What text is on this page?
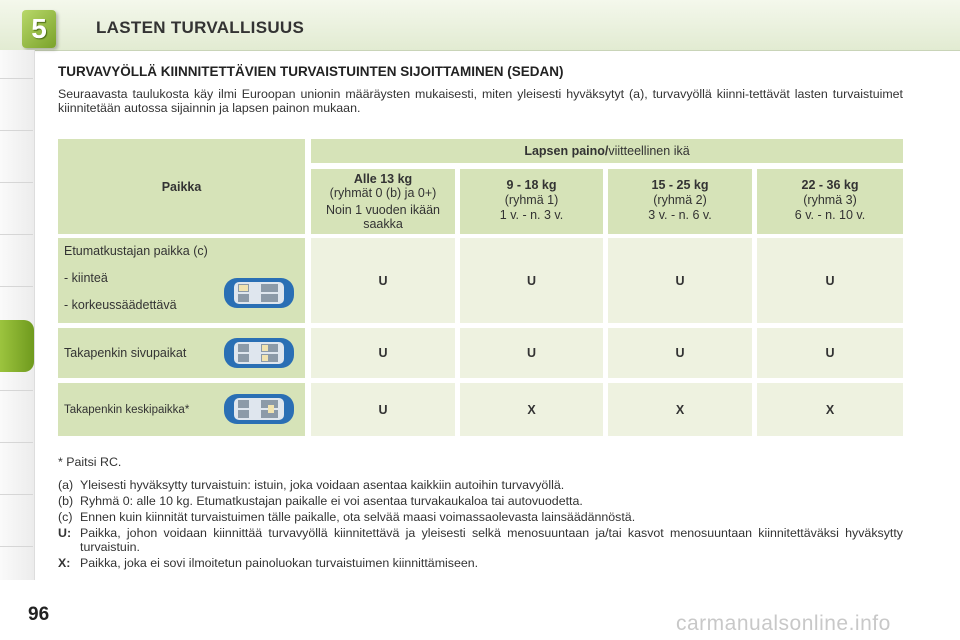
5	LASTEN TURVALLISUUS
TURVAVYÖLLÄ KIINNITETTÄVIEN TURVAISTUINTEN SIJOITTAMINEN (SEDAN)
Seuraavasta taulukosta käy ilmi Euroopan unionin määräysten mukaisesti, miten yleisesti hyväksytyt (a), turvavyöllä kiinni-tettävät lasten turvaistuimet kiinnitetään autossa sijainnin ja lapsen painon mukaan.
Paikka
Lapsen paino/ viitteellinen ikä
Alle 13 kg
(ryhmät 0 (b) ja 0+)
Noin 1 vuoden ikään saakka
9 - 18 kg
(ryhmä 1)
1 v. - n. 3 v.
15 - 25 kg
(ryhmä 2)
3 v. - n. 6 v.
22 - 36 kg
(ryhmä 3)
6 v. - n. 10 v.
Etumatkustajan paikka (c)
- kiinteä
- korkeussäädettävä
U	U	U	U
Takapenkin sivupaikat	U	U	U	U
Takapenkin keskipaikka*	U	X	X	X
* Paitsi RC.
(a) Yleisesti hyväksytty turvaistuin: istuin, joka voidaan asentaa kaikkiin autoihin turvavyöllä.
(b) Ryhmä 0: alle 10 kg. Etumatkustajan paikalle ei voi asentaa turvakaukaloa tai autovuodetta.
(c) Ennen kuin kiinnität turvaistuimen tälle paikalle, ota selvää maasi voimassaolevasta lainsäädännöstä.
U: Paikka, johon voidaan kiinnittää turvavyöllä kiinnitettävä ja yleisesti selkä menosuuntaan ja/tai kasvot menosuuntaan kiinnitettäväksi hyväksytty turvaistuin.
X: Paikka, joka ei sovi ilmoitetun painoluokan turvaistuimen kiinnittämiseen.
96	carmanualsonline.info
